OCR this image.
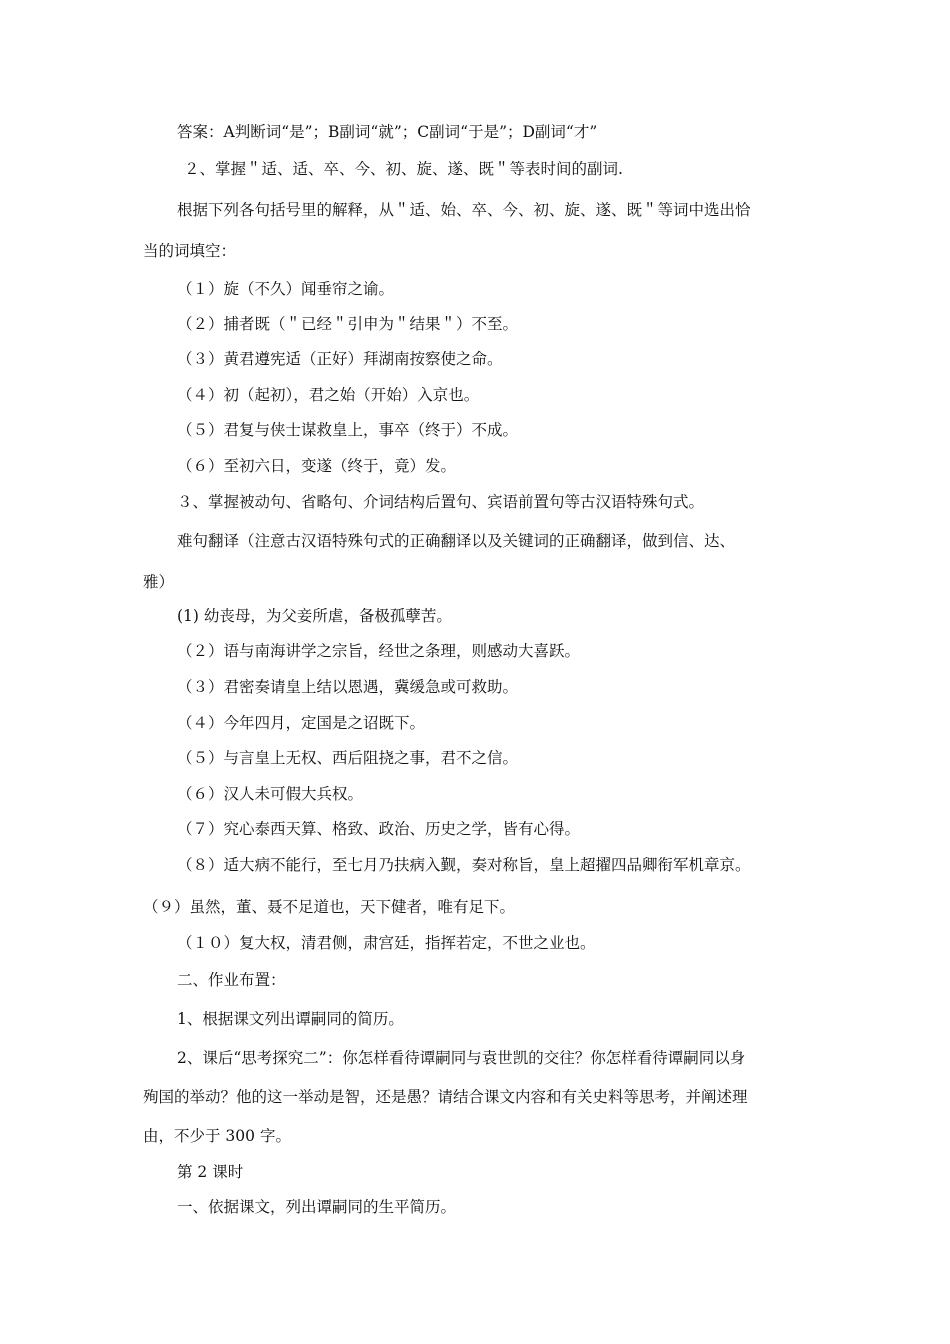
答案：A判断词“是”；B副词“就”；C副词“于是”；D副词“才”

２、掌握＂适、适、卒、今、初、旋、遂、既＂等表时间的副词.

根据下列各句括号里的解释，从＂适、始、卒、今、初、旋、遂、既＂等词中选出恰

当的词填空：

（１）旋（不久）闻垂帘之谕。

（２）捕者既（＂已经＂引申为＂结果＂）不至。

（３）黄君遵宪适（正好）拜湖南按察使之命。

（４）初（起初），君之始（开始）入京也。

（５）君复与侠士谋救皇上，事卒（终于）不成。

（６）至初六日，变遂（终于，竟）发。

３、掌握被动句、省略句、介词结构后置句、宾语前置句等古汉语特殊句式。

难句翻译（注意古汉语特殊句式的正确翻译以及关键词的正确翻译，做到信、达、

雅）

(1) 幼丧母，为父妾所虐，备极孤孽苦。

（２）语与南海讲学之宗旨，经世之条理，则感动大喜跃。

（３）君密奏请皇上结以恩遇，冀缓急或可救助。

（４）今年四月，定国是之诏既下。

（５）与言皇上无权、西后阻挠之事，君不之信。

（６）汉人未可假大兵权。

（７）究心泰西天算、格致、政治、历史之学，皆有心得。

（８）适大病不能行，至七月乃扶病入觐，奏对称旨，皇上超擢四品卿衔军机章京。

（９）虽然，董、聂不足道也，天下健者，唯有足下。

（１０）复大权，清君侧，肃宫廷，指挥若定，不世之业也。

二、作业布置：

1、根据课文列出谭嗣同的简历。

2、课后“思考探究二”：你怎样看待谭嗣同与袁世凯的交往？你怎样看待谭嗣同以身

殉国的举动？他的这一举动是智，还是愚？请结合课文内容和有关史料等思考，并阐述理

由，不少于 300 字。

第 2 课时

一、依据课文，列出谭嗣同的生平简历。
